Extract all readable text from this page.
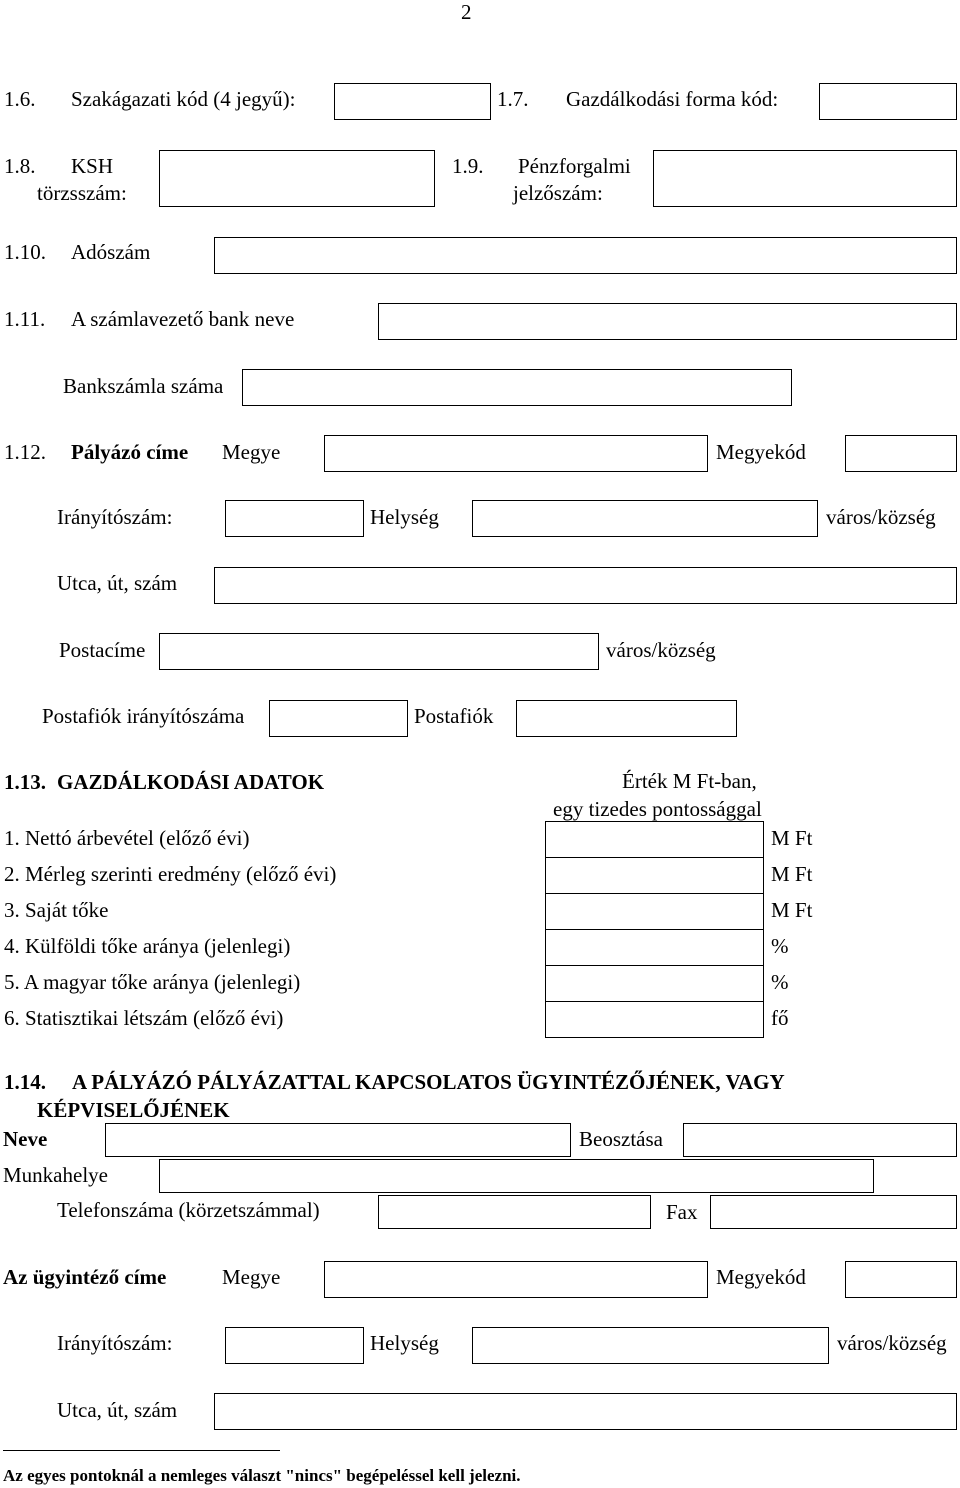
2
1.6. Szakágazati kód (4 jegyű):	1.7. Gazdálkodási forma kód:
1.8. KSH
törzsszám:
1.9. Pénzforgalmi
jelzőszám:
1.10. Adószám
1.11. A számlavezető bank neve
Bankszámla száma
1.12. Pályázó címe Megye	Megyekód
Irányítószám:	Helység	város/község
Utca, út, szám
Postacíme	város/község
Postafiók irányítószáma	Postafiók
1.13. GAZDÁLKODÁSI ADATOK	Érték M Ft-ban,
egy tizedes pontossággal
1. Nettó árbevétel (előző évi)	M Ft
2. Mérleg szerinti eredmény (előző évi)	M Ft
3. Saját tőke	M Ft
4. Külföldi tőke aránya (jelenlegi)	%
5. A magyar tőke aránya (jelenlegi)	%
6. Statisztikai létszám (előző évi)	fő
1.14. A PÁLYÁZÓ PÁLYÁZATTAL KAPCSOLATOS ÜGYINTÉZŐJÉNEK, VAGY
KÉPVISELŐJÉNEK
Neve	Beosztása
Munkahelye
Telefonszáma (körzetszámmal)	Fax
Az ügyintéző címe	Megye	Megyekód
Irányítószám:	Helység	város/község
Utca, út, szám
Az egyes pontoknál a nemleges választ "nincs" begépeléssel kell jelezni.
